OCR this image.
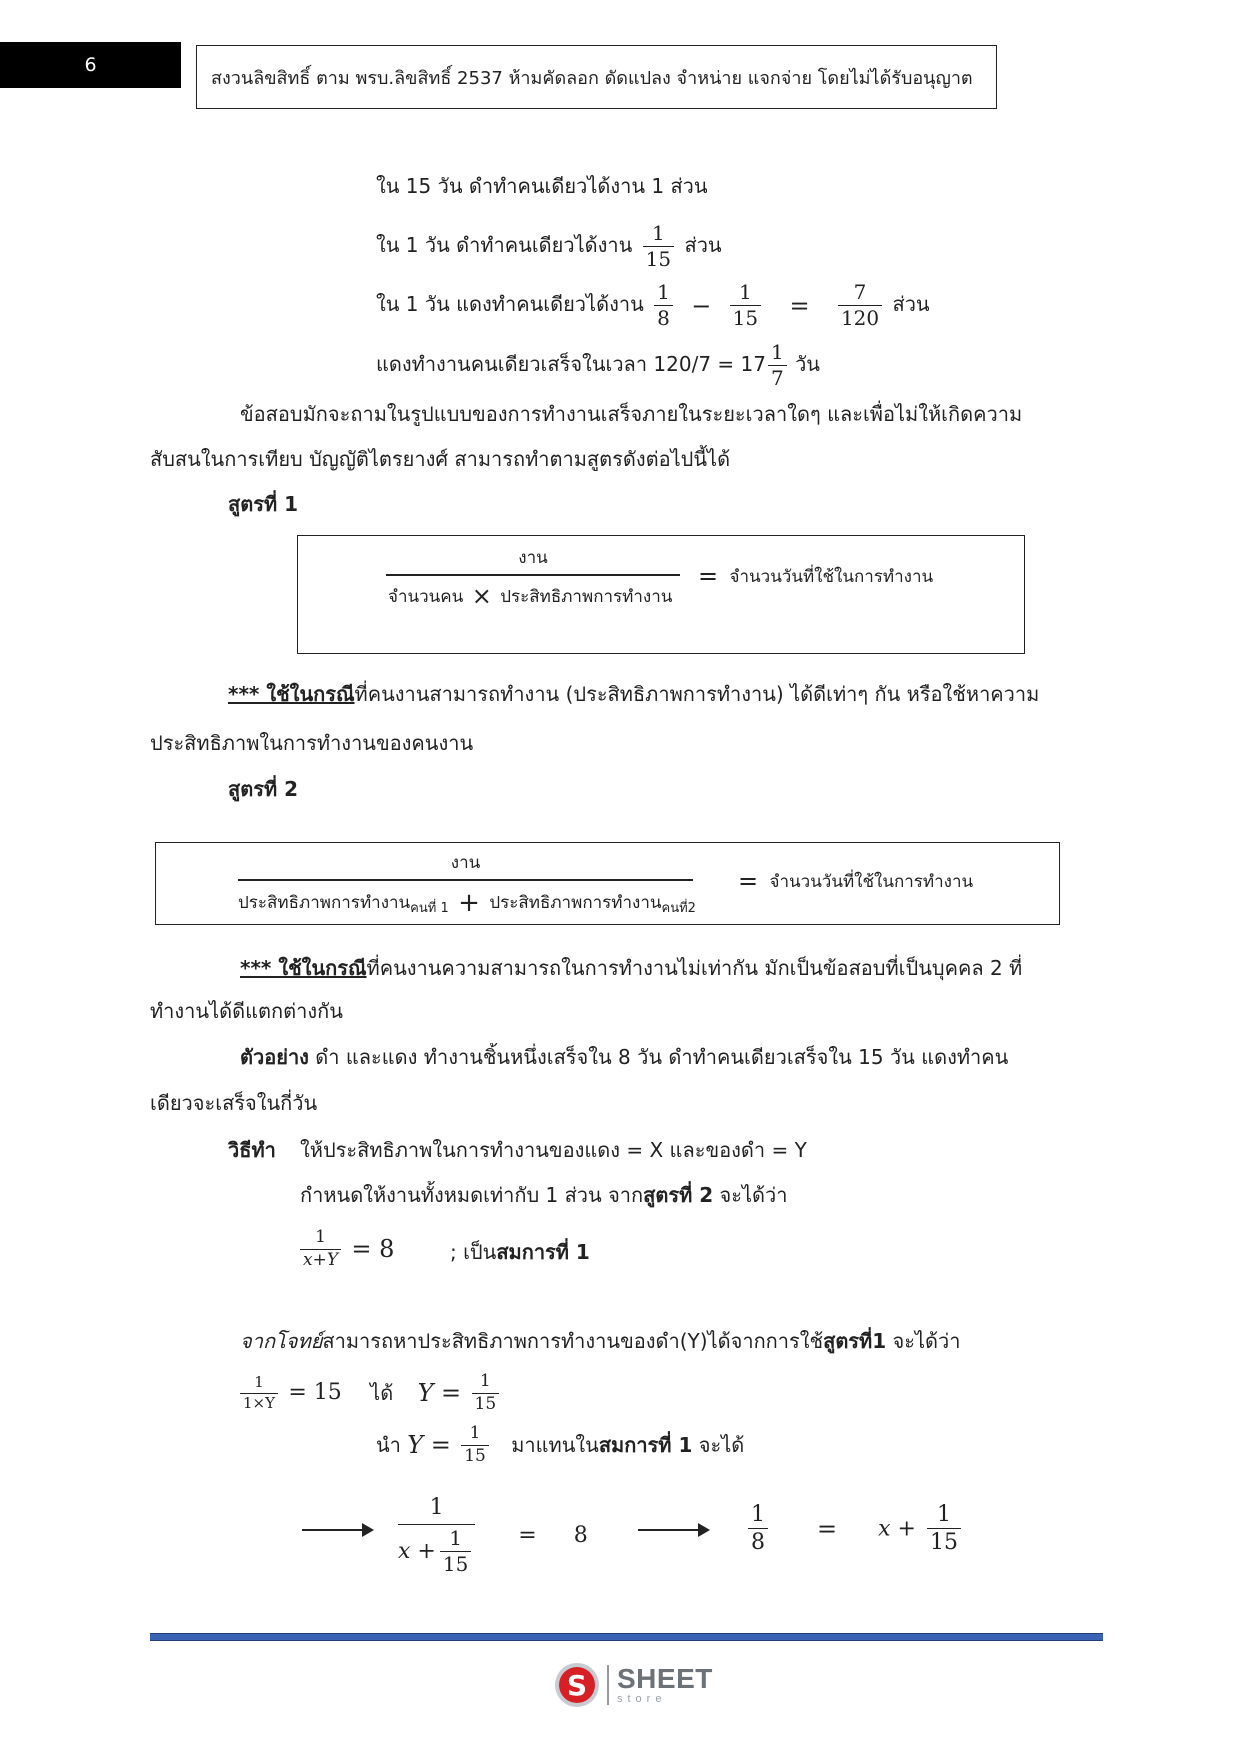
6
สงวนลิขสิทธิ์ ตาม พรบ.ลิขสิทธิ์ 2537 ห้ามคัดลอก ดัดแปลง จำหน่าย แจกจ่าย โดยไม่ได้รับอนุญาต
ใน 15 วัน ดำทำคนเดียวได้งาน 1 ส่วน
ใน 1 วัน ดำทำคนเดียวได้งาน $\frac{1}{15}$ ส่วน
ใน 1 วัน แดงทำคนเดียวได้งาน $\frac{1}{8} - \frac{1}{15} = \frac{7}{120}$ ส่วน
แดงทำงานคนเดียวเสร็จในเวลา $120/7 = 17 \frac{1}{7}$ วัน
ข้อสอบมักจะถามในรูปแบบของการทำงานเสร็จภายในระยะเวลาใดๆ และเพื่อไม่ให้เกิดความ
สับสนในการเทียบ บัญญัติไตรยางศ์ สามารถทำตามสูตรดังต่อไปนี้ได้
สูตรที่ 1
งาน
จำนวนคน × ประสิทธิภาพการทำงาน
= จำนวนวันที่ใช้ในการทำงาน
*** ใช้ในกรณีที่คนงานสามารถทำงาน (ประสิทธิภาพการทำงาน) ได้ดีเท่าๆ กัน หรือใช้หาความ
ประสิทธิภาพในการทำงานของคนงาน
สูตรที่ 2
งาน
ประสิทธิภาพการทำงาน$_{คนที่ 1}$ + ประสิทธิภาพการทำงาน$_{คนที่2}$
= จำนวนวันที่ใช้ในการทำงาน
*** ใช้ในกรณีที่คนงานความสามารถในการทำงานไม่เท่ากัน มักเป็นข้อสอบที่เป็นบุคคล 2 ที่
ทำงานได้ดีแตกต่างกัน
ตัวอย่าง ดำ และแดง ทำงานชิ้นหนึ่งเสร็จใน 8 วัน ดำทำคนเดียวเสร็จใน 15 วัน แดงทำคน
เดียวจะเสร็จในกี่วัน
วิธีทำ ให้ประสิทธิภาพในการทำงานของแดง = X และของดำ = Y
กำหนดให้งานทั้งหมดเท่ากับ 1 ส่วน จากสูตรที่ 2 จะได้ว่า
$\frac{1}{x+Y} = 8$	; เป็นสมการที่ 1
จากโจทย์สามารถหาประสิทธิภาพการทำงานของดำ(Y)ได้จากการใช้สูตรที่1 จะได้ว่า
$\frac{1}{1\times Y} = 15$ ได้ $Y = \frac{1}{15}$
นำ $Y = \frac{1}{15}$ มาแทนในสมการที่ 1 จะได้
$\frac{1}{x + \frac{1}{15}} = 8$	$\frac{1}{8} = x + \frac{1}{15}$
S SHEET
store
